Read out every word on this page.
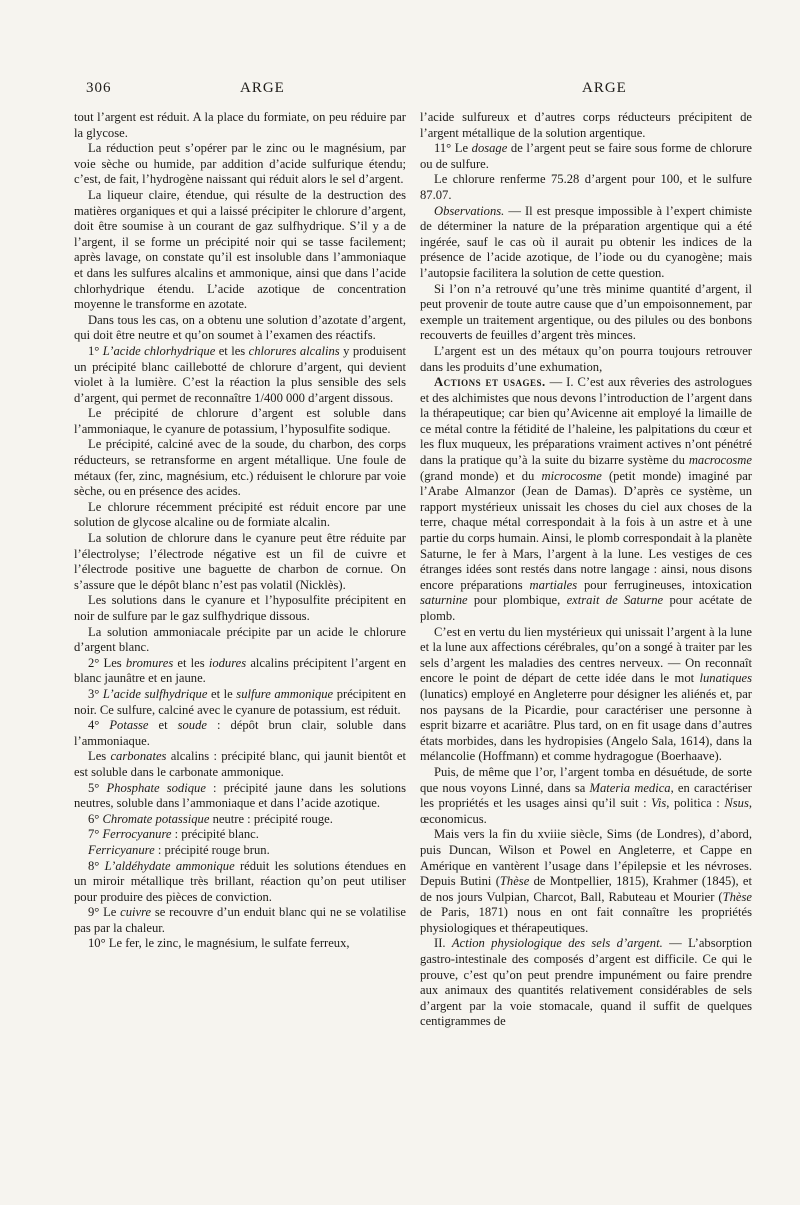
306	ARGE	ARGE

tout l’argent est réduit. A la place du formiate, on peu réduire par la glycose.

La réduction peut s’opérer par le zinc ou le magnésium, par voie sèche ou humide, par addition d’acide sulfurique étendu; c’est, de fait, l’hydrogène naissant qui réduit alors le sel d’argent.

La liqueur claire, étendue, qui résulte de la destruction des matières organiques et qui a laissé précipiter le chlorure d’argent, doit être soumise à un courant de gaz sulfhydrique. S’il y a de l’argent, il se forme un précipité noir qui se tasse facilement; après lavage, on constate qu’il est insoluble dans l’ammoniaque et dans les sulfures alcalins et ammonique, ainsi que dans l’acide chlorhydrique étendu. L’acide azotique de concentration moyenne le transforme en azotate.

Dans tous les cas, on a obtenu une solution d’azotate d’argent, qui doit être neutre et qu’on soumet à l’examen des réactifs.

1° L’acide chlorhydrique et les chlorures alcalins y produisent un précipité blanc caillebotté de chlorure d’argent, qui devient violet à la lumière. C’est la réaction la plus sensible des sels d’argent, qui permet de reconnaître 1/400 000 d’argent dissous.

Le précipité de chlorure d’argent est soluble dans l’ammoniaque, le cyanure de potassium, l’hyposulfite sodique.

Le précipité, calciné avec de la soude, du charbon, des corps réducteurs, se retransforme en argent métallique. Une foule de métaux (fer, zinc, magnésium, etc.) réduisent le chlorure par voie sèche, ou en présence des acides.

Le chlorure récemment précipité est réduit encore par une solution de glycose alcaline ou de formiate alcalin.

La solution de chlorure dans le cyanure peut être réduite par l’électrolyse; l’électrode négative est un fil de cuivre et l’électrode positive une baguette de charbon de cornue. On s’assure que le dépôt blanc n’est pas volatil (Nicklès).

Les solutions dans le cyanure et l’hyposulfite précipitent en noir de sulfure par le gaz sulfhydrique dissous.

La solution ammoniacale précipite par un acide le chlorure d’argent blanc.

2° Les bromures et les iodures alcalins précipitent l’argent en blanc jaunâtre et en jaune.

3° L’acide sulfhydrique et le sulfure ammonique précipitent en noir. Ce sulfure, calciné avec le cyanure de potassium, est réduit.

4° Potasse et soude : dépôt brun clair, soluble dans l’ammoniaque.

Les carbonates alcalins : précipité blanc, qui jaunit bientôt et est soluble dans le carbonate ammonique.

5° Phosphate sodique : précipité jaune dans les solutions neutres, soluble dans l’ammoniaque et dans l’acide azotique.

6° Chromate potassique neutre : précipité rouge.

7° Ferrocyanure : précipité blanc.

Ferricyanure : précipité rouge brun.

8° L’aldéhydate ammonique réduit les solutions étendues en un miroir métallique très brillant, réaction qu’on peut utiliser pour produire des pièces de conviction.

9° Le cuivre se recouvre d’un enduit blanc qui ne se volatilise pas par la chaleur.

10° Le fer, le zinc, le magnésium, le sulfate ferreux,

l’acide sulfureux et d’autres corps réducteurs précipitent de l’argent métallique de la solution argentique.

11° Le dosage de l’argent peut se faire sous forme de chlorure ou de sulfure.

Le chlorure renferme 75.28 d’argent pour 100, et le sulfure 87.07.

Observations. — Il est presque impossible à l’expert chimiste de déterminer la nature de la préparation argentique qui a été ingérée, sauf le cas où il aurait pu obtenir les indices de la présence de l’acide azotique, de l’iode ou du cyanogène; mais l’autopsie facilitera la solution de cette question.

Si l’on n’a retrouvé qu’une très minime quantité d’argent, il peut provenir de toute autre cause que d’un empoisonnement, par exemple un traitement argentique, ou des pilules ou des bonbons recouverts de feuilles d’argent très minces.

L’argent est un des métaux qu’on pourra toujours retrouver dans les produits d’une exhumation,

Actions et usages. — I. C’est aux rêveries des astrologues et des alchimistes que nous devons l’introduction de l’argent dans la thérapeutique; car bien qu’Avicenne ait employé la limaille de ce métal contre la fétidité de l’haleine, les palpitations du cœur et les flux muqueux, les préparations vraiment actives n’ont pénétré dans la pratique qu’à la suite du bizarre système du macrocosme (grand monde) et du microcosme (petit monde) imaginé par l’Arabe Almanzor (Jean de Damas). D’après ce système, un rapport mystérieux unissait les choses du ciel aux choses de la terre, chaque métal correspondait à la fois à un astre et à une partie du corps humain. Ainsi, le plomb correspondait à la planète Saturne, le fer à Mars, l’argent à la lune. Les vestiges de ces étranges idées sont restés dans notre langage : ainsi, nous disons encore préparations martiales pour ferrugineuses, intoxication saturnine pour plombique, extrait de Saturne pour acétate de plomb.

C’est en vertu du lien mystérieux qui unissait l’argent à la lune et la lune aux affections cérébrales, qu’on a songé à traiter par les sels d’argent les maladies des centres nerveux. — On reconnaît encore le point de départ de cette idée dans le mot lunatiques (lunatics) employé en Angleterre pour désigner les aliénés et, par nos paysans de la Picardie, pour caractériser une personne à esprit bizarre et acariâtre. Plus tard, on en fit usage dans d’autres états morbides, dans les hydropisies (Angelo Sala, 1614), dans la mélancolie (Hoffmann) et comme hydragogue (Boerhaave).

Puis, de même que l’or, l’argent tomba en désuétude, de sorte que nous voyons Linné, dans sa Materia medica, en caractériser les propriétés et les usages ainsi qu’il suit : Vis, politica : Nsus, œconomicus.

Mais vers la fin du xviiie siècle, Sims (de Londres), d’abord, puis Duncan, Wilson et Powel en Angleterre, et Cappe en Amérique en vantèrent l’usage dans l’épilepsie et les névroses. Depuis Butini (Thèse de Montpellier, 1815), Krahmer (1845), et de nos jours Vulpian, Charcot, Ball, Rabuteau et Mourier (Thèse de Paris, 1871) nous en ont fait connaître les propriétés physiologiques et thérapeutiques.

II. Action physiologique des sels d’argent. — L’absorption gastro-intestinale des composés d’argent est difficile. Ce qui le prouve, c’est qu’on peut prendre impunément ou faire prendre aux animaux des quantités relativement considérables de sels d’argent par la voie stomacale, quand il suffit de quelques centigrammes de
